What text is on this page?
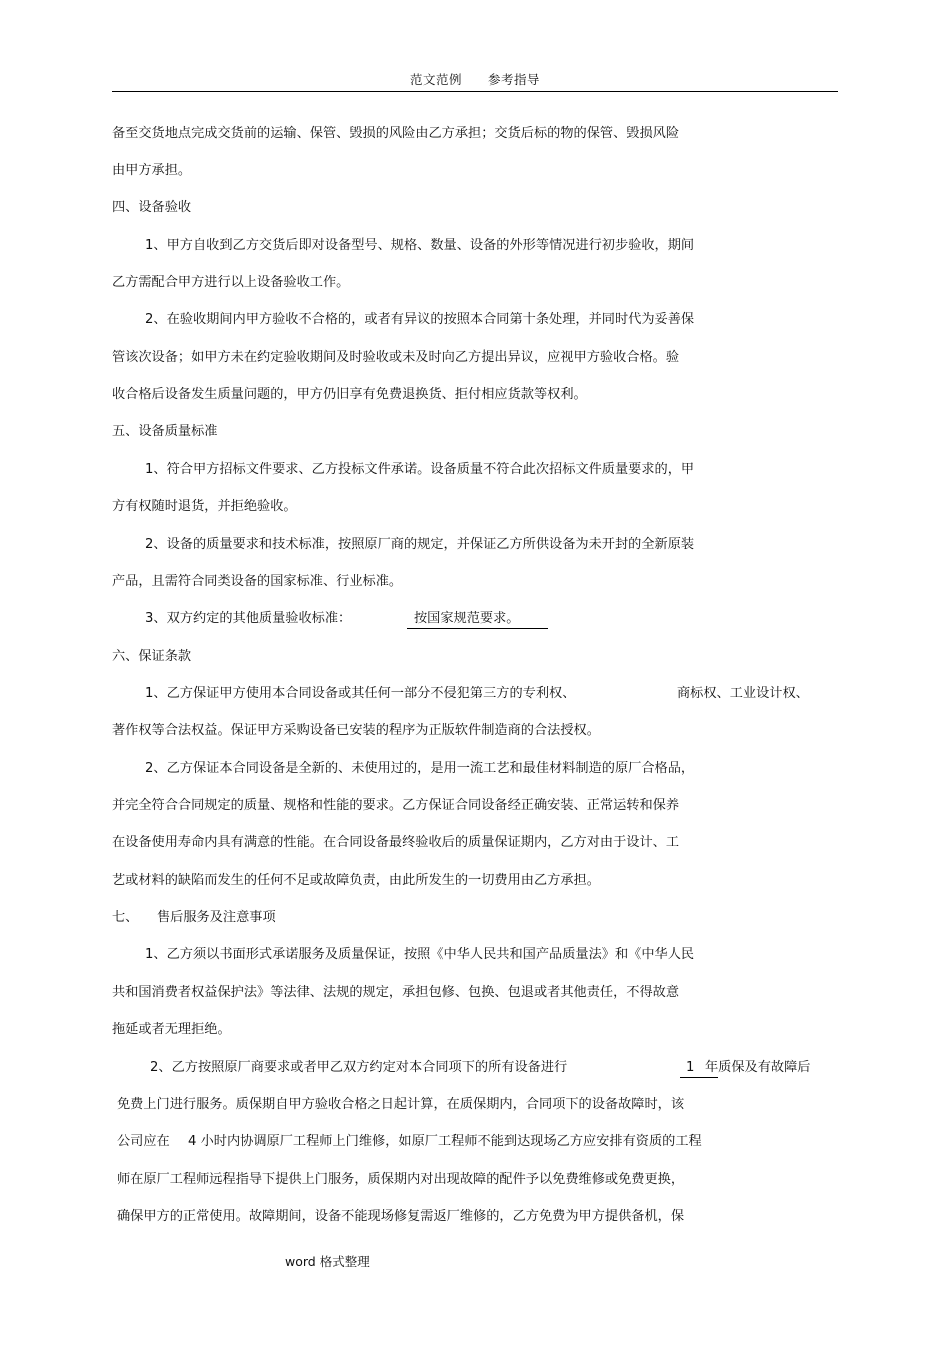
范文范例 参考指导
备至交货地点完成交货前的运输、保管、毁损的风险由乙方承担；交货后标的物的保管、毁损风险
由甲方承担。
四、设备验收
1、甲方自收到乙方交货后即对设备型号、规格、数量、设备的外形等情况进行初步验收，期间
乙方需配合甲方进行以上设备验收工作。
2、在验收期间内甲方验收不合格的，或者有异议的按照本合同第十条处理，并同时代为妥善保
管该次设备；如甲方未在约定验收期间及时验收或未及时向乙方提出异议，应视甲方验收合格。验
收合格后设备发生质量问题的，甲方仍旧享有免费退换货、拒付相应货款等权利。
五、设备质量标准
1、符合甲方招标文件要求、乙方投标文件承诺。设备质量不符合此次招标文件质量要求的，甲
方有权随时退货，并拒绝验收。
2、设备的质量要求和技术标准，按照原厂商的规定，并保证乙方所供设备为未开封的全新原装
产品，且需符合同类设备的国家标准、行业标准。
3、双方约定的其他质量验收标准：	按国家规范要求。
六、保证条款
1、乙方保证甲方使用本合同设备或其任何一部分不侵犯第三方的专利权、	商标权、工业设计权、
著作权等合法权益。保证甲方采购设备已安装的程序为正版软件制造商的合法授权。
2、乙方保证本合同设备是全新的、未使用过的，是用一流工艺和最佳材料制造的原厂合格品，
并完全符合合同规定的质量、规格和性能的要求。乙方保证合同设备经正确安装、正常运转和保养
在设备使用寿命内具有满意的性能。在合同设备最终验收后的质量保证期内，乙方对由于设计、工
艺或材料的缺陷而发生的任何不足或故障负责，由此所发生的一切费用由乙方承担。
七、 售后服务及注意事项
1、乙方须以书面形式承诺服务及质量保证，按照《中华人民共和国产品质量法》和《中华人民
共和国消费者权益保护法》等法律、法规的规定，承担包修、包换、包退或者其他责任，不得故意
拖延或者无理拒绝。
2、乙方按照原厂商要求或者甲乙双方约定对本合同项下的所有设备进行	1 年质保及有故障后
免费上门进行服务。质保期自甲方验收合格之日起计算，在质保期内，合同项下的设备故障时，该
公司应在 4 小时内协调原厂工程师上门维修，如原厂工程师不能到达现场乙方应安排有资质的工程
师在原厂工程师远程指导下提供上门服务，质保期内对出现故障的配件予以免费维修或免费更换，
确保甲方的正常使用。故障期间，设备不能现场修复需返厂维修的，乙方免费为甲方提供备机，保
word 格式整理
